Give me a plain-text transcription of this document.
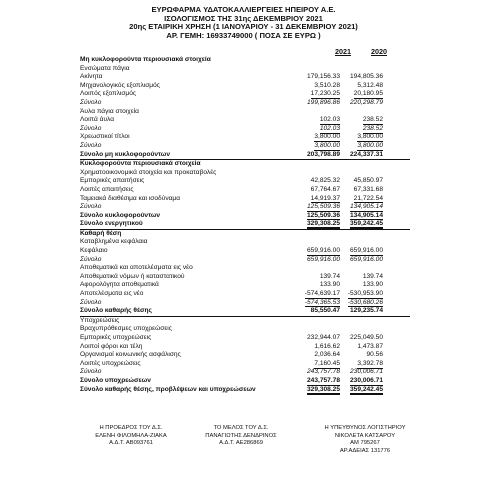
ΕΥΡΩΦΑΡΜΑ ΥΔΑΤΟΚΑΛΛΙΕΡΓΕΙΕΣ ΗΠΕΙΡΟΥ Α.Ε.
ΙΣΟΛΟΓΙΣΜΟΣ ΤΗΣ 31ης ΔΕΚΕΜΒΡΙΟΥ 2021
20ης ΕΤΑΙΡΙΚΗ ΧΡΗΣΗ (1 ΙΑΝΟΥΑΡΙΟΥ - 31 ΔΕΚΕΜΒΡΙΟΥ 2021)
ΑΡ. ΓΕΜΗ: 16933749000 ( ΠΟΣΑ ΣΕ ΕΥΡΩ )
2021	2020
Μη κυκλοφορούντα περιουσιακά στοιχεία
Ενσώματα πάγια
Ακίνητα	179,156.33 194,805.36
Μηχανολογικός εξοπλισμός	3,510.28	5,312.48
Λοιπός εξοπλισμός	17,230.25 20,180.95
Σύνολο	199,896.86 220,298.79
Άυλα πάγια στοιχεία
Λοιπά άυλα	102.03	238.52
Σύνολο	102.03	238.52
Χρεωστικοί τίτλοι	3,800.00	3,800.00
Σύνολο	3,800.00	3,800.00
Σύνολο μη κυκλοφορούντων	203,798.89 224,337.31
Κυκλοφορούντα περιουσιακά στοιχεία
Χρηματοοικονομικά στοιχεία και προκαταβολές
Εμπορικές απαιτήσεις	42,825.32 45,850.97
Λοιπές απαιτήσεις	67,764.67 67,331.68
Ταμειακά διαθέσιμα και ισοδύναμα	14,919.37 21,722.54
Σύνολο	125,509.36 134,905.14
Σύνολο κυκλοφορούντων	125,509.36 134,905.14
Σύνολο ενεργητικού	329,308.25 359,242.45
Καθαρή θέση
Καταβλημένα κεφάλαια
Κεφάλαιο	659,916.00 659,916.00
Σύνολο	659,916.00 659,916.00
Αποθεματικά και αποτελέσματα εις νέο
Αποθεματικά νόμων ή καταστατικού	139.74	139.74
Αφορολόγητα αποθεματικά	133.90	133.90
Αποτελέσματα εις νέο	-574,639.17 -530,953.90
Σύνολο	-574,365.53 -530,680.26
Σύνολο καθαρής θέσης	85,550.47 129,235.74
Υποχρεώσεις
Βραχυπρόθεσμες υποχρεώσεις
Εμπορικές υποχρεώσεις	232,944.07 225,049.50
Λοιποί φόροι και τέλη	1,616.62	1,473.87
Οργανισμοί κοινωνικής ασφάλισης	2,036.64	90.56
Λοιπές υποχρεώσεις	7,160.45	3,392.78
Σύνολο	243,757.78 230,006.71
Σύνολο υποχρεώσεων	243,757.78 230,006.71
Σύνολο καθαρής θέσης, προβλέψεων και υποχρεώσεων	329,308.25 359,242.45
Η ΠΡΟΕΔΡΟΣ ΤΟΥ Δ.Σ.
ΕΛΕΝΗ ΦΙΛΟΜΗΛΑ-ΖΙΑΚΑ
Α.Δ.Τ. ΑΒ093761
ΤΟ ΜΕΛΟΣ ΤΟΥ Δ.Σ.
ΠΑΝΑΓΙΩΤΗΣ ΔΕΝΔΡΙΝΟΣ
Α.Δ.Τ. ΑΕ286869
Η ΥΠΕΥΘΥΝΟΣ ΛΟΓΙΣΤΗΡΙΟΥ
ΝΙΚΟΛΕΤΑ ΚΑΤΣΑΡΟΥ
ΑΜ 795267
ΑΡ.ΑΔΕΙΑΣ 131776
